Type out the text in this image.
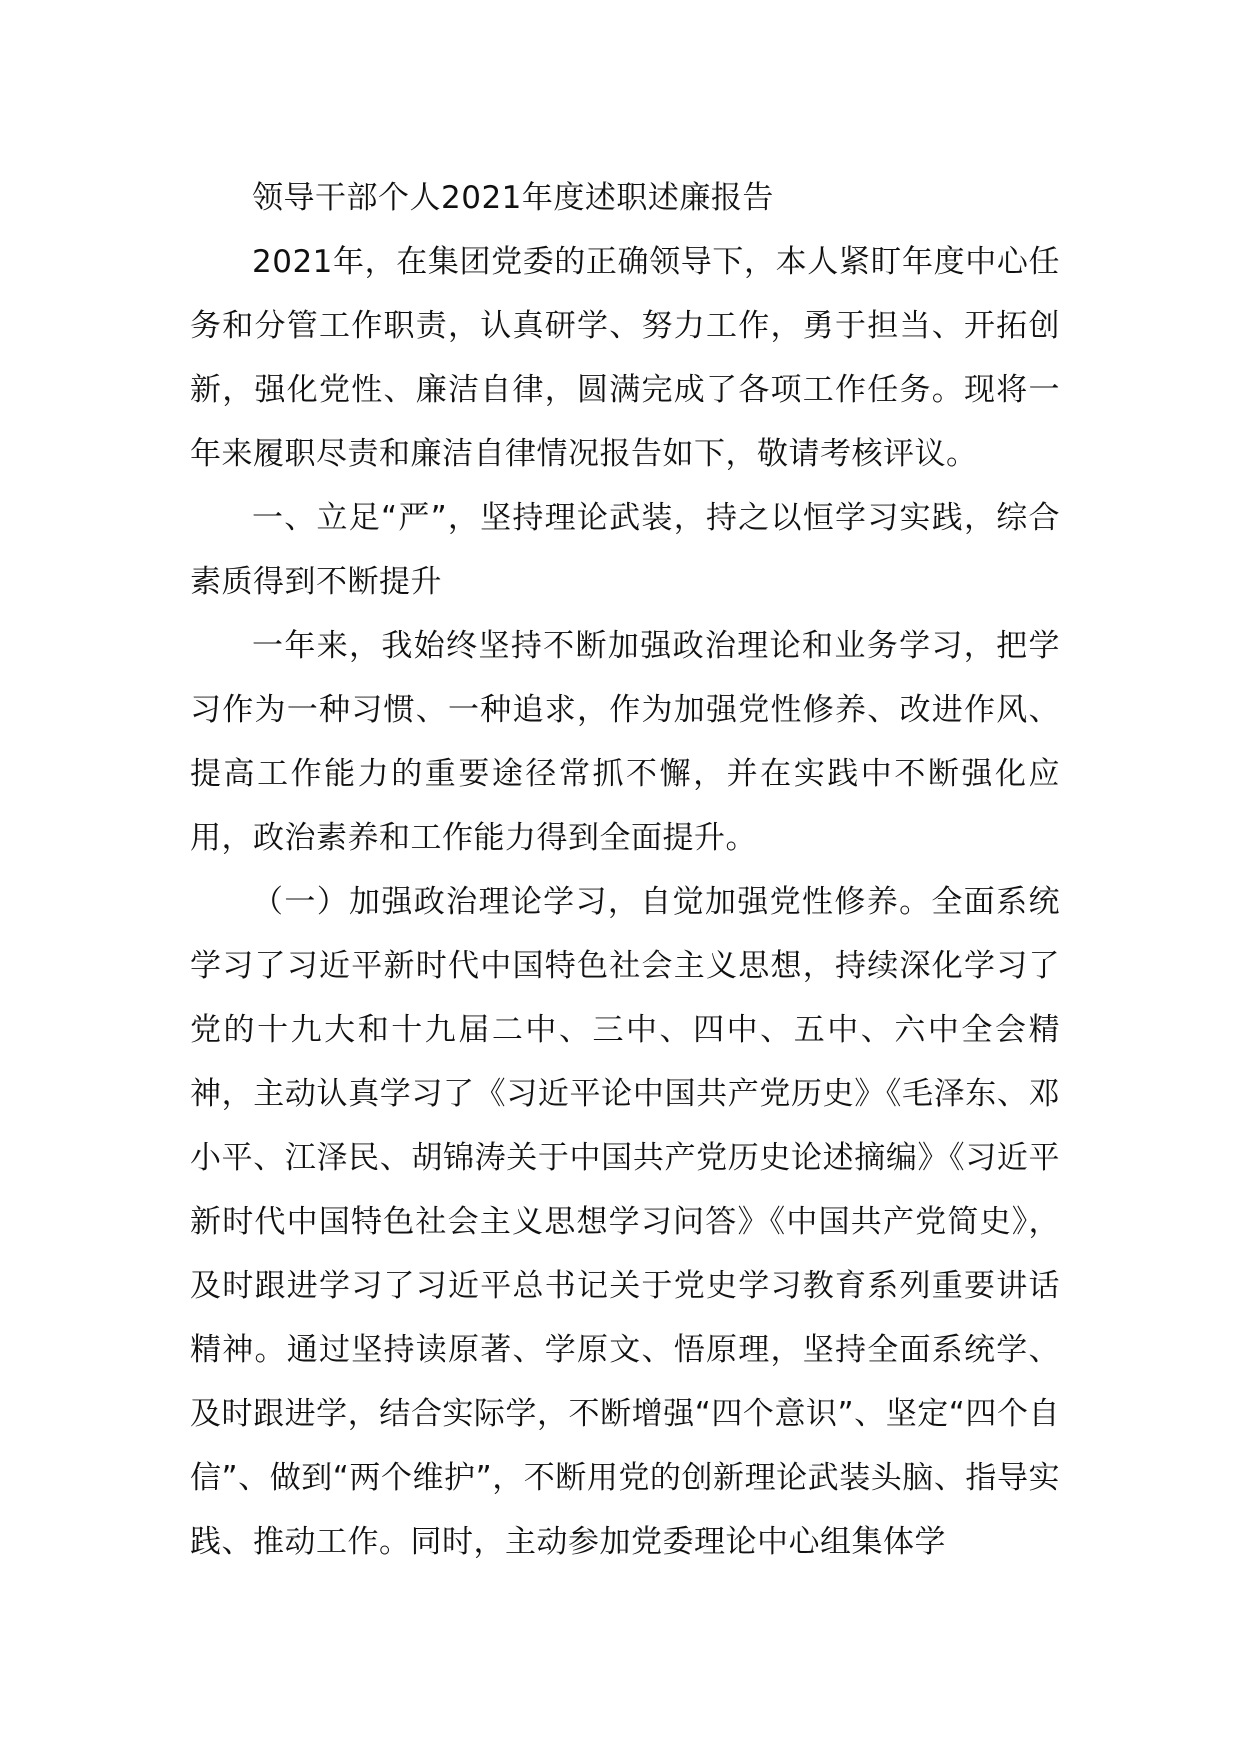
领导干部个人2021年度述职述廉报告

2021年，在集团党委的正确领导下，本人紧盯年度中心任务和分管工作职责，认真研学、努力工作，勇于担当、开拓创新，强化党性、廉洁自律，圆满完成了各项工作任务。现将一年来履职尽责和廉洁自律情况报告如下，敬请考核评议。

一、立足“严”，坚持理论武装，持之以恒学习实践，综合素质得到不断提升

一年来，我始终坚持不断加强政治理论和业务学习，把学习作为一种习惯、一种追求，作为加强党性修养、改进作风、提高工作能力的重要途径常抓不懈，并在实践中不断强化应用，政治素养和工作能力得到全面提升。

（一）加强政治理论学习，自觉加强党性修养。全面系统学习了习近平新时代中国特色社会主义思想，持续深化学习了党的十九大和十九届二中、三中、四中、五中、六中全会精神，主动认真学习了《习近平论中国共产党历史》《毛泽东、邓小平、江泽民、胡锦涛关于中国共产党历史论述摘编》《习近平新时代中国特色社会主义思想学习问答》《中国共产党简史》，及时跟进学习了习近平总书记关于党史学习教育系列重要讲话精神。通过坚持读原著、学原文、悟原理，坚持全面系统学、及时跟进学，结合实际学，不断增强“四个意识”、坚定“四个自信”、做到“两个维护”，不断用党的创新理论武装头脑、指导实践、推动工作。同时，主动参加党委理论中心组集体学
